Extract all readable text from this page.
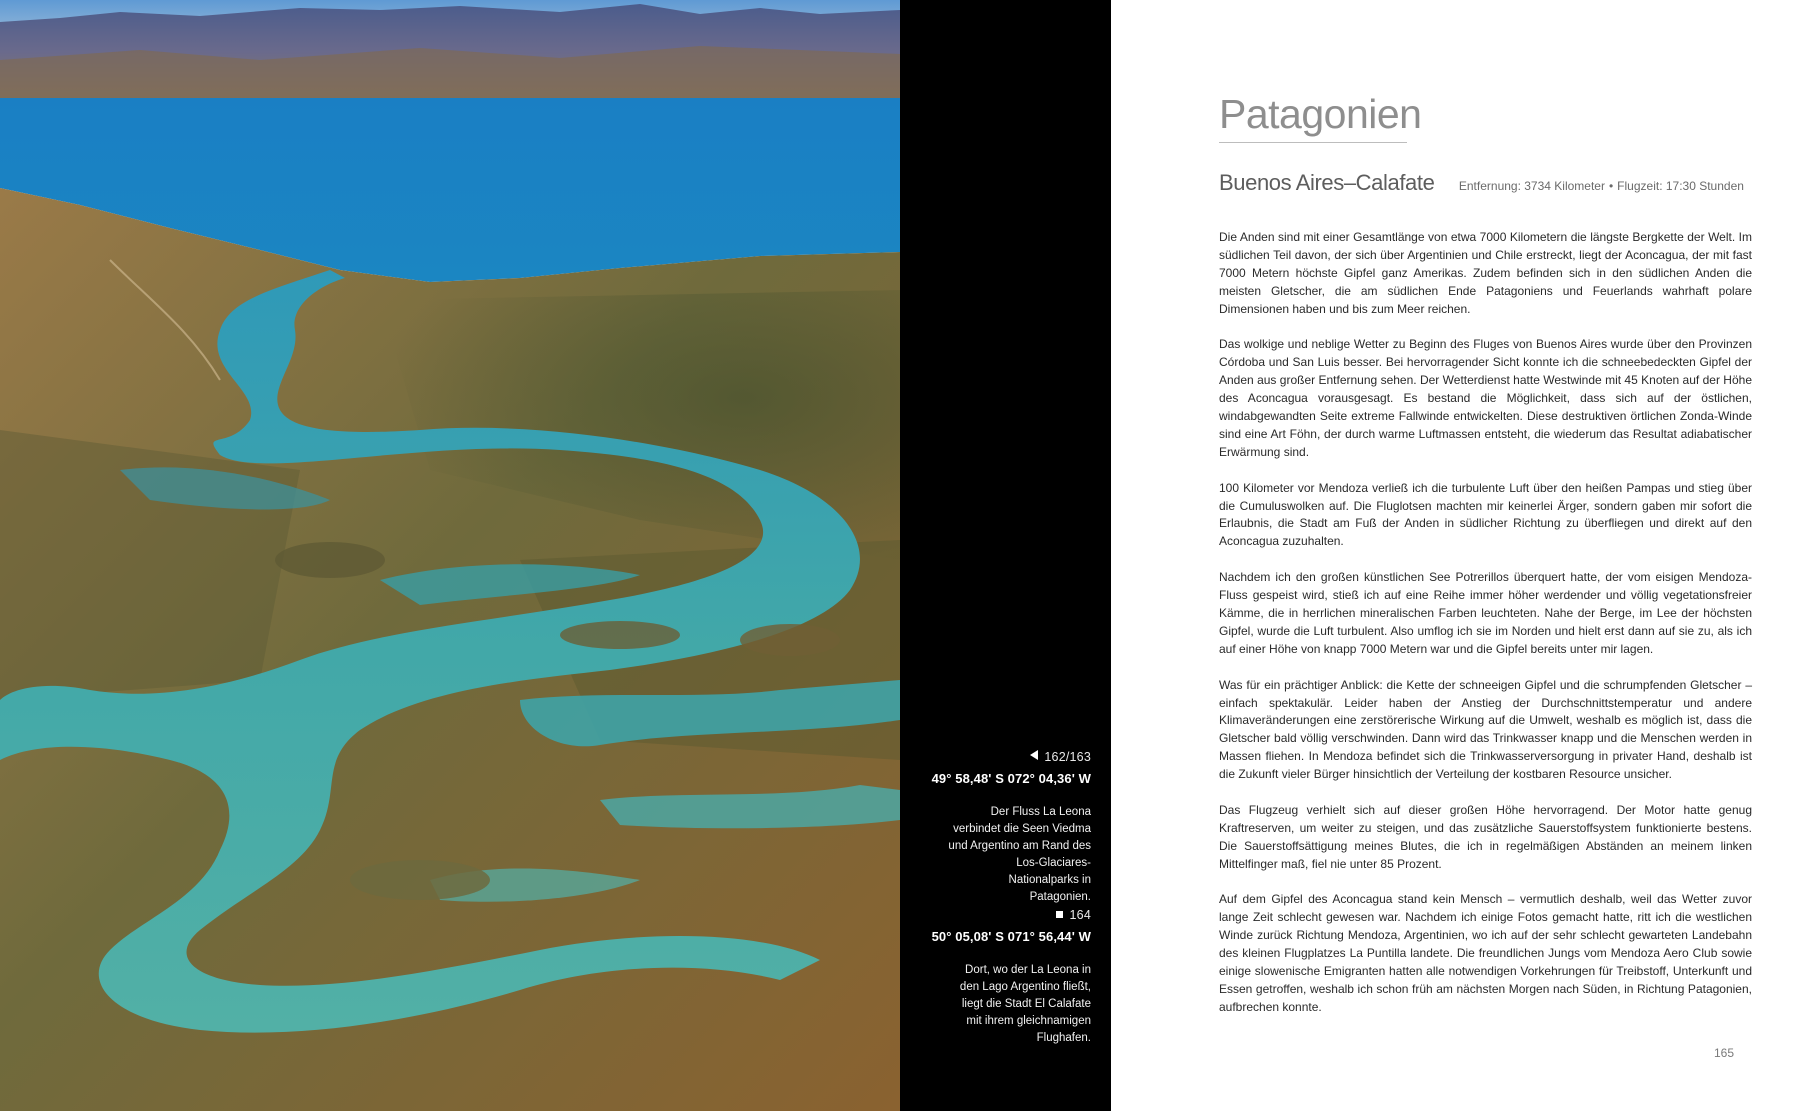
162/163
49° 58,48' S 072° 04,36' W
Der Fluss La Leona verbindet die Seen Viedma und Argentino am Rand des Los-Glaciares-Nationalparks in Patagonien.
164
50° 05,08' S 071° 56,44' W
Dort, wo der La Leona in den Lago Argentino fließt, liegt die Stadt El Calafate mit ihrem gleichnamigen Flughafen.
Patagonien
Buenos Aires–Calafate Entfernung: 3734 Kilometer • Flugzeit: 17:30 Stunden

Die Anden sind mit einer Gesamtlänge von etwa 7000 Kilometern die längste Bergkette der Welt. Im südlichen Teil davon, der sich über Argentinien und Chile erstreckt, liegt der Aconcagua, der mit fast 7000 Metern höchste Gipfel ganz Amerikas. Zudem befinden sich in den südlichen Anden die meisten Gletscher, die am südlichen Ende Patagoniens und Feuerlands wahrhaft polare Dimensionen haben und bis zum Meer reichen.

Das wolkige und neblige Wetter zu Beginn des Fluges von Buenos Aires wurde über den Provinzen Córdoba und San Luis besser. Bei hervorragender Sicht konnte ich die schneebedeckten Gipfel der Anden aus großer Entfernung sehen. Der Wetterdienst hatte Westwinde mit 45 Knoten auf der Höhe des Aconcagua vorausgesagt. Es bestand die Möglichkeit, dass sich auf der östlichen, windabgewandten Seite extreme Fallwinde entwickelten. Diese destruktiven örtlichen Zonda-Winde sind eine Art Föhn, der durch warme Luftmassen entsteht, die wiederum das Resultat adiabatischer Erwärmung sind.

100 Kilometer vor Mendoza verließ ich die turbulente Luft über den heißen Pampas und stieg über die Cumuluswolken auf. Die Fluglotsen machten mir keinerlei Ärger, sondern gaben mir sofort die Erlaubnis, die Stadt am Fuß der Anden in südlicher Richtung zu überfliegen und direkt auf den Aconcagua zuzuhalten.

Nachdem ich den großen künstlichen See Potrerillos überquert hatte, der vom eisigen Mendoza-Fluss gespeist wird, stieß ich auf eine Reihe immer höher werdender und völlig vegetationsfreier Kämme, die in herrlichen mineralischen Farben leuchteten. Nahe der Berge, im Lee der höchsten Gipfel, wurde die Luft turbulent. Also umflog ich sie im Norden und hielt erst dann auf sie zu, als ich auf einer Höhe von knapp 7000 Metern war und die Gipfel bereits unter mir lagen.

Was für ein prächtiger Anblick: die Kette der schneeigen Gipfel und die schrumpfenden Gletscher – einfach spektakulär. Leider haben der Anstieg der Durchschnittstemperatur und andere Klimaveränderungen eine zerstörerische Wirkung auf die Umwelt, weshalb es möglich ist, dass die Gletscher bald völlig verschwinden. Dann wird das Trinkwasser knapp und die Menschen werden in Massen fliehen. In Mendoza befindet sich die Trinkwasserversorgung in privater Hand, deshalb ist die Zukunft vieler Bürger hinsichtlich der Verteilung der kostbaren Resource unsicher.

Das Flugzeug verhielt sich auf dieser großen Höhe hervorragend. Der Motor hatte genug Kraftreserven, um weiter zu steigen, und das zusätzliche Sauerstoffsystem funktionierte bestens. Die Sauerstoffsättigung meines Blutes, die ich in regelmäßigen Abständen an meinem linken Mittelfinger maß, fiel nie unter 85 Prozent.

Auf dem Gipfel des Aconcagua stand kein Mensch – vermutlich deshalb, weil das Wetter zuvor lange Zeit schlecht gewesen war. Nachdem ich einige Fotos gemacht hatte, ritt ich die westlichen Winde zurück Richtung Mendoza, Argentinien, wo ich auf der sehr schlecht gewarteten Landebahn des kleinen Flugplatzes La Puntilla landete. Die freundlichen Jungs vom Mendoza Aero Club sowie einige slowenische Emigranten hatten alle notwendigen Vorkehrungen für Treibstoff, Unterkunft und Essen getroffen, weshalb ich schon früh am nächsten Morgen nach Süden, in Richtung Patagonien, aufbrechen konnte.

165
